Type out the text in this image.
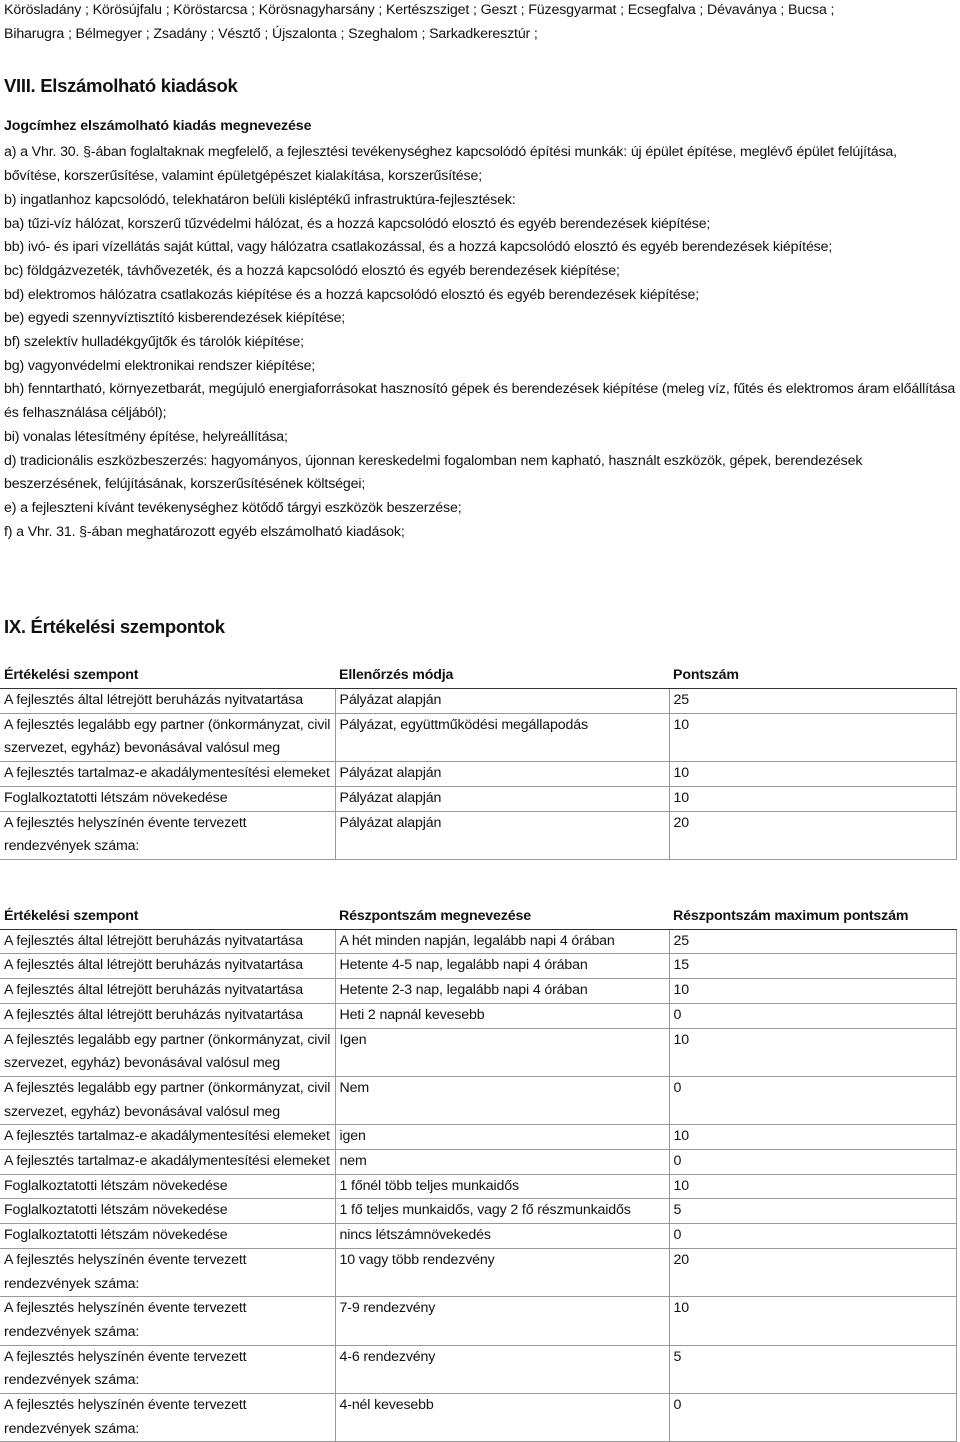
Körösladány ; Körösújfalu ; Köröstarcsa ; Körösnagyharsány ; Kertészsziget ; Geszt ; Füzesgyarmat ; Ecsegfalva ; Dévaványa ; Bucsa ;
Biharugra ; Bélmegyer ; Zsadány ; Vésztő ; Újszalonta ; Szeghalom ; Sarkadkeresztúr ;
VIII. Elszámolható kiadások
Jogcímhez elszámolható kiadás megnevezése
a) a Vhr. 30. §-ában foglaltaknak megfelelő, a fejlesztési tevékenységhez kapcsolódó építési munkák: új épület építése, meglévő épület felújítása, bővítése, korszerűsítése, valamint épületgépészet kialakítása, korszerűsítése;
b) ingatlanhoz kapcsolódó, telekhatáron belüli kisléptékű infrastruktúra-fejlesztések:
ba) tűzi-víz hálózat, korszerű tűzvédelmi hálózat, és a hozzá kapcsolódó elosztó és egyéb berendezések kiépítése;
bb) ivó- és ipari vízellátás saját kúttal, vagy hálózatra csatlakozással, és a hozzá kapcsolódó elosztó és egyéb berendezések kiépítése;
bc) földgázvezeték, távhővezeték, és a hozzá kapcsolódó elosztó és egyéb berendezések kiépítése;
bd) elektromos hálózatra csatlakozás kiépítése és a hozzá kapcsolódó elosztó és egyéb berendezések kiépítése;
be) egyedi szennyvíztisztító kisberendezések kiépítése;
bf) szelektív hulladékgyűjtők és tárolók kiépítése;
bg) vagyonvédelmi elektronikai rendszer kiépítése;
bh) fenntartható, környezetbarát, megújuló energiaforrásokat hasznosító gépek és berendezések kiépítése (meleg víz, fűtés és elektromos áram előállítása és felhasználása céljából);
bi) vonalas létesítmény építése, helyreállítása;
d) tradicionális eszközbeszerzés: hagyományos, újonnan kereskedelmi fogalomban nem kapható, használt eszközök, gépek, berendezések beszerzésének, felújításának, korszerűsítésének költségei;
e) a fejleszteni kívánt tevékenységhez kötődő tárgyi eszközök beszerzése;
f) a Vhr. 31. §-ában meghatározott egyéb elszámolható kiadások;
IX. Értékelési szempontok
Értékelési szempont	Ellenőrzés módja	Pontszám
A fejlesztés által létrejött beruházás nyitvatartása	Pályázat alapján	25
A fejlesztés legalább egy partner (önkormányzat, civil szervezet, egyház) bevonásával valósul meg	Pályázat, együttműködési megállapodás	10
A fejlesztés tartalmaz-e akadálymentesítési elemeket	Pályázat alapján	10
Foglalkoztatotti létszám növekedése	Pályázat alapján	10
A fejlesztés helyszínén évente tervezett rendezvények száma:	Pályázat alapján	20
Értékelési szempont	Részpontszám megnevezése	Részpontszám maximum pontszám
A fejlesztés által létrejött beruházás nyitvatartása	A hét minden napján, legalább napi 4 órában	25
A fejlesztés által létrejött beruházás nyitvatartása	Hetente 4-5 nap, legalább napi 4 órában	15
A fejlesztés által létrejött beruházás nyitvatartása	Hetente 2-3 nap, legalább napi 4 órában	10
A fejlesztés által létrejött beruházás nyitvatartása	Heti 2 napnál kevesebb	0
A fejlesztés legalább egy partner (önkormányzat, civil szervezet, egyház) bevonásával valósul meg	Igen	10
A fejlesztés legalább egy partner (önkormányzat, civil szervezet, egyház) bevonásával valósul meg	Nem	0
A fejlesztés tartalmaz-e akadálymentesítési elemeket	igen	10
A fejlesztés tartalmaz-e akadálymentesítési elemeket	nem	0
Foglalkoztatotti létszám növekedése	1 főnél több teljes munkaidős	10
Foglalkoztatotti létszám növekedése	1 fő teljes munkaidős, vagy 2 fő részmunkaidős	5
Foglalkoztatotti létszám növekedése	nincs létszámnövekedés	0
A fejlesztés helyszínén évente tervezett rendezvények száma:	10 vagy több rendezvény	20
A fejlesztés helyszínén évente tervezett rendezvények száma:	7-9 rendezvény	10
A fejlesztés helyszínén évente tervezett rendezvények száma:	4-6 rendezvény	5
A fejlesztés helyszínén évente tervezett rendezvények száma:	4-nél kevesebb	0
